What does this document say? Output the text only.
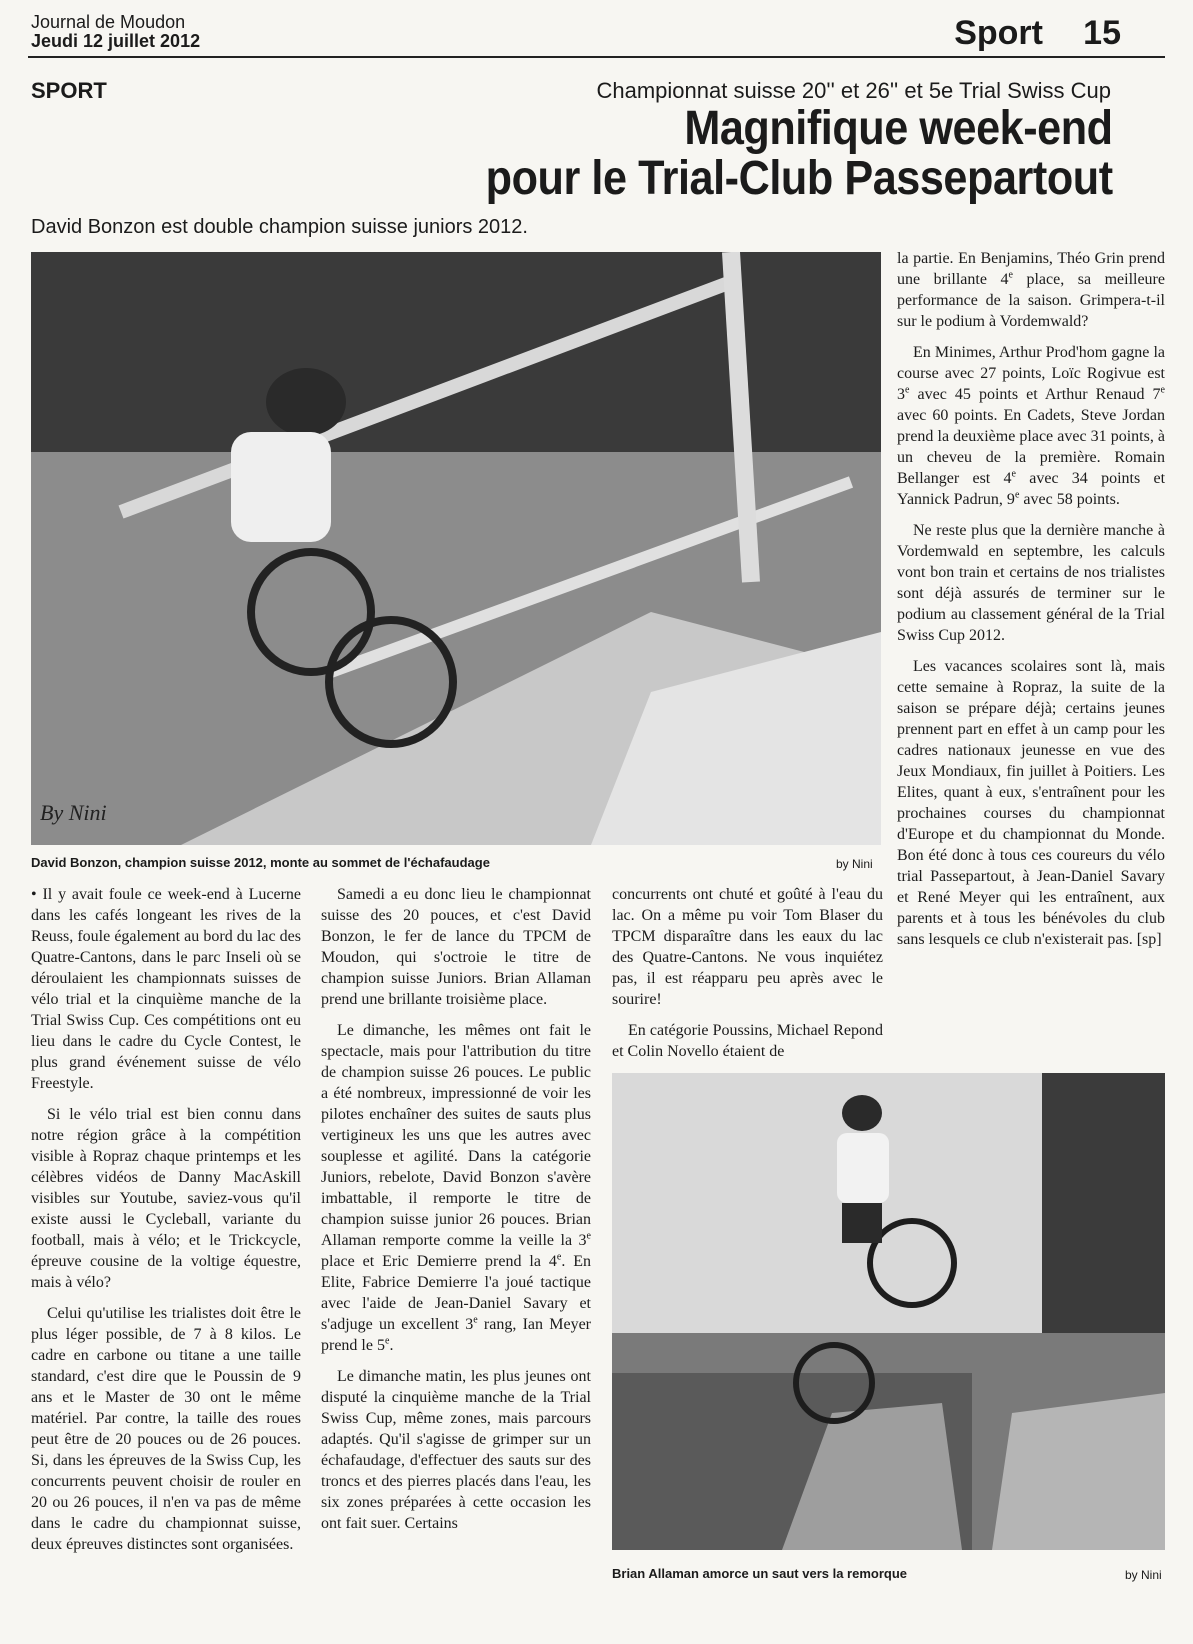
Journal de Moudon
Jeudi 12 juillet 2012	Sport 15
SPORT	Championnat suisse 20'' et 26'' et 5e Trial Swiss Cup
Magnifique week-end
pour le Trial-Club Passepartout
David Bonzon est double champion suisse juniors 2012.
By Nini
David Bonzon, champion suisse 2012, monte au sommet de l'échafaudage	by Nini

la partie. En Benjamins, Théo Grin prend une brillante 4e place, sa meilleure performance de la saison. Grimpera-t-il sur le podium à Vordemwald?

En Minimes, Arthur Prod'hom gagne la course avec 27 points, Loïc Rogivue est 3e avec 45 points et Arthur Renaud 7e avec 60 points. En Cadets, Steve Jordan prend la deuxième place avec 31 points, à un cheveu de la première. Romain Bellanger est 4e avec 34 points et Yannick Padrun, 9e avec 58 points.

Ne reste plus que la dernière manche à Vordemwald en septembre, les calculs vont bon train et certains de nos trialistes sont déjà assurés de terminer sur le podium au classement général de la Trial Swiss Cup 2012.

Les vacances scolaires sont là, mais cette semaine à Ropraz, la suite de la saison se prépare déjà; certains jeunes prennent part en effet à un camp pour les cadres nationaux jeunesse en vue des Jeux Mondiaux, fin juillet à Poitiers. Les Elites, quant à eux, s'entraînent pour les prochaines courses du championnat d'Europe et du championnat du Monde. Bon été donc à tous ces coureurs du vélo trial Passepartout, à Jean-Daniel Savary et René Meyer qui les entraînent, aux parents et à tous les bénévoles du club sans lesquels ce club n'existerait pas. [sp]

• Il y avait foule ce week-end à Lucerne dans les cafés longeant les rives de la Reuss, foule également au bord du lac des Quatre-Cantons, dans le parc Inseli où se déroulaient les championnats suisses de vélo trial et la cinquième manche de la Trial Swiss Cup. Ces compétitions ont eu lieu dans le cadre du Cycle Contest, le plus grand événement suisse de vélo Freestyle.

Si le vélo trial est bien connu dans notre région grâce à la compétition visible à Ropraz chaque printemps et les célèbres vidéos de Danny MacAskill visibles sur Youtube, saviez-vous qu'il existe aussi le Cycleball, variante du football, mais à vélo; et le Trickcycle, épreuve cousine de la voltige équestre, mais à vélo?

Celui qu'utilise les trialistes doit être le plus léger possible, de 7 à 8 kilos. Le cadre en carbone ou titane a une taille standard, c'est dire que le Poussin de 9 ans et le Master de 30 ont le même matériel. Par contre, la taille des roues peut être de 20 pouces ou de 26 pouces. Si, dans les épreuves de la Swiss Cup, les concurrents peuvent choisir de rouler en 20 ou 26 pouces, il n'en va pas de même dans le cadre du championnat suisse, deux épreuves distinctes sont organisées.

Samedi a eu donc lieu le championnat suisse des 20 pouces, et c'est David Bonzon, le fer de lance du TPCM de Moudon, qui s'octroie le titre de champion suisse Juniors. Brian Allaman prend une brillante troisième place.

Le dimanche, les mêmes ont fait le spectacle, mais pour l'attribution du titre de champion suisse 26 pouces. Le public a été nombreux, impressionné de voir les pilotes enchaîner des suites de sauts plus vertigineux les uns que les autres avec souplesse et agilité. Dans la catégorie Juniors, rebelote, David Bonzon s'avère imbattable, il remporte le titre de champion suisse junior 26 pouces. Brian Allaman remporte comme la veille la 3e place et Eric Demierre prend la 4e. En Elite, Fabrice Demierre l'a joué tactique avec l'aide de Jean-Daniel Savary et s'adjuge un excellent 3e rang, Ian Meyer prend le 5e.

Le dimanche matin, les plus jeunes ont disputé la cinquième manche de la Trial Swiss Cup, même zones, mais parcours adaptés. Qu'il s'agisse de grimper sur un échafaudage, d'effectuer des sauts sur des troncs et des pierres placés dans l'eau, les six zones préparées à cette occasion les ont fait suer. Certains

concurrents ont chuté et goûté à l'eau du lac. On a même pu voir Tom Blaser du TPCM disparaître dans les eaux du lac des Quatre-Cantons. Ne vous inquiétez pas, il est réapparu peu après avec le sourire!

En catégorie Poussins, Michael Repond et Colin Novello étaient de

Brian Allaman amorce un saut vers la remorque	by Nini
